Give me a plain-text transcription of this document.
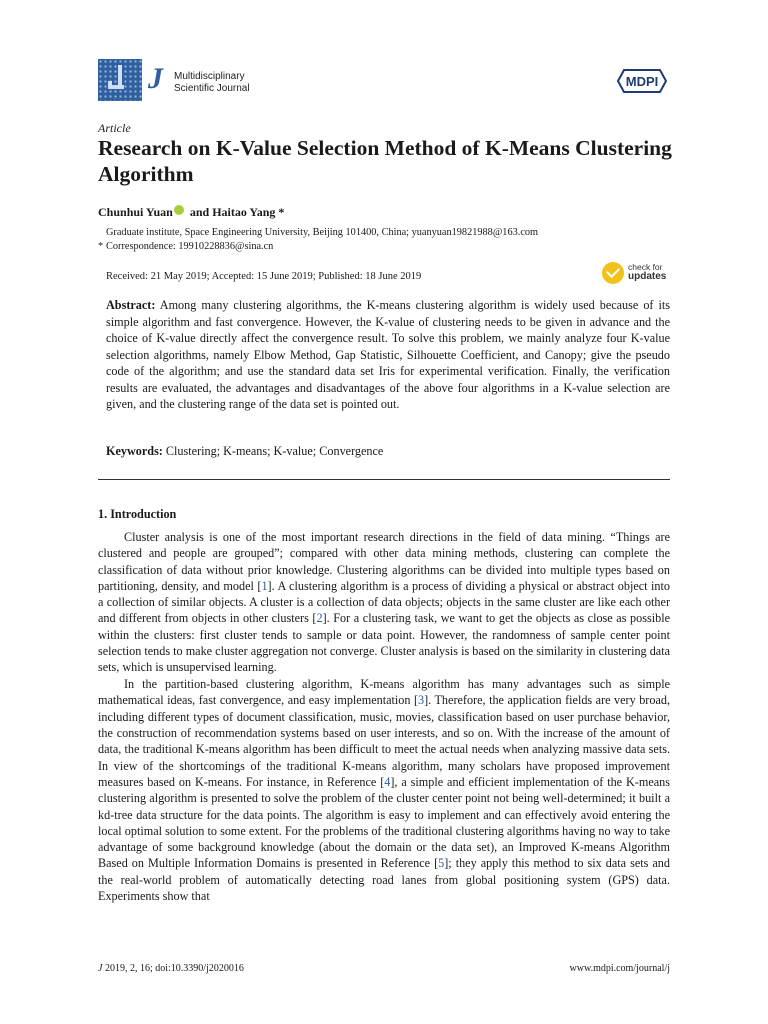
J Multidisciplinary
Scientific Journal	MDPI
Article
Research on K-Value Selection Method of K-Means Clustering Algorithm
Chunhui Yuan and Haitao Yang *
Graduate institute, Space Engineering University, Beijing 101400, China; yuanyuan19821988@163.com
* Correspondence: 19910228836@sina.cn
Received: 21 May 2019; Accepted: 15 June 2019; Published: 18 June 2019
check for
updates
Abstract: Among many clustering algorithms, the K-means clustering algorithm is widely used because of its simple algorithm and fast convergence. However, the K-value of clustering needs to be given in advance and the choice of K-value directly affect the convergence result. To solve this problem, we mainly analyze four K-value selection algorithms, namely Elbow Method, Gap Statistic, Silhouette Coefficient, and Canopy; give the pseudo code of the algorithm; and use the standard data set Iris for experimental verification. Finally, the verification results are evaluated, the advantages and disadvantages of the above four algorithms in a K-value selection are given, and the clustering range of the data set is pointed out.
Keywords: Clustering; K-means; K-value; Convergence
1. Introduction

Cluster analysis is one of the most important research directions in the field of data mining. “Things are clustered and people are grouped”; compared with other data mining methods, clustering can complete the classification of data without prior knowledge. Clustering algorithms can be divided into multiple types based on partitioning, density, and model [1]. A clustering algorithm is a process of dividing a physical or abstract object into a collection of similar objects. A cluster is a collection of data objects; objects in the same cluster are like each other and different from objects in other clusters [2]. For a clustering task, we want to get the objects as close as possible within the clusters: first cluster tends to sample or data point. However, the randomness of sample center point selection tends to make cluster aggregation not converge. Cluster analysis is based on the similarity in clustering data sets, which is unsupervised learning.

In the partition-based clustering algorithm, K-means algorithm has many advantages such as simple mathematical ideas, fast convergence, and easy implementation [3]. Therefore, the application fields are very broad, including different types of document classification, music, movies, classification based on user purchase behavior, the construction of recommendation systems based on user interests, and so on. With the increase of the amount of data, the traditional K-means algorithm has been difficult to meet the actual needs when analyzing massive data sets. In view of the shortcomings of the traditional K-means algorithm, many scholars have proposed improvement measures based on K-means. For instance, in Reference [4], a simple and efficient implementation of the K-means clustering algorithm is presented to solve the problem of the cluster center point not being well-determined; it built a kd-tree data structure for the data points. The algorithm is easy to implement and can effectively avoid entering the local optimal solution to some extent. For the problems of the traditional clustering algorithms having no way to take advantage of some background knowledge (about the domain or the data set), an Improved K-means Algorithm Based on Multiple Information Domains is presented in Reference [5]; they apply this method to six data sets and the real-world problem of automatically detecting road lanes from global positioning system (GPS) data. Experiments show that

J 2019, 2, 16; doi:10.3390/j2020016	www.mdpi.com/journal/j
